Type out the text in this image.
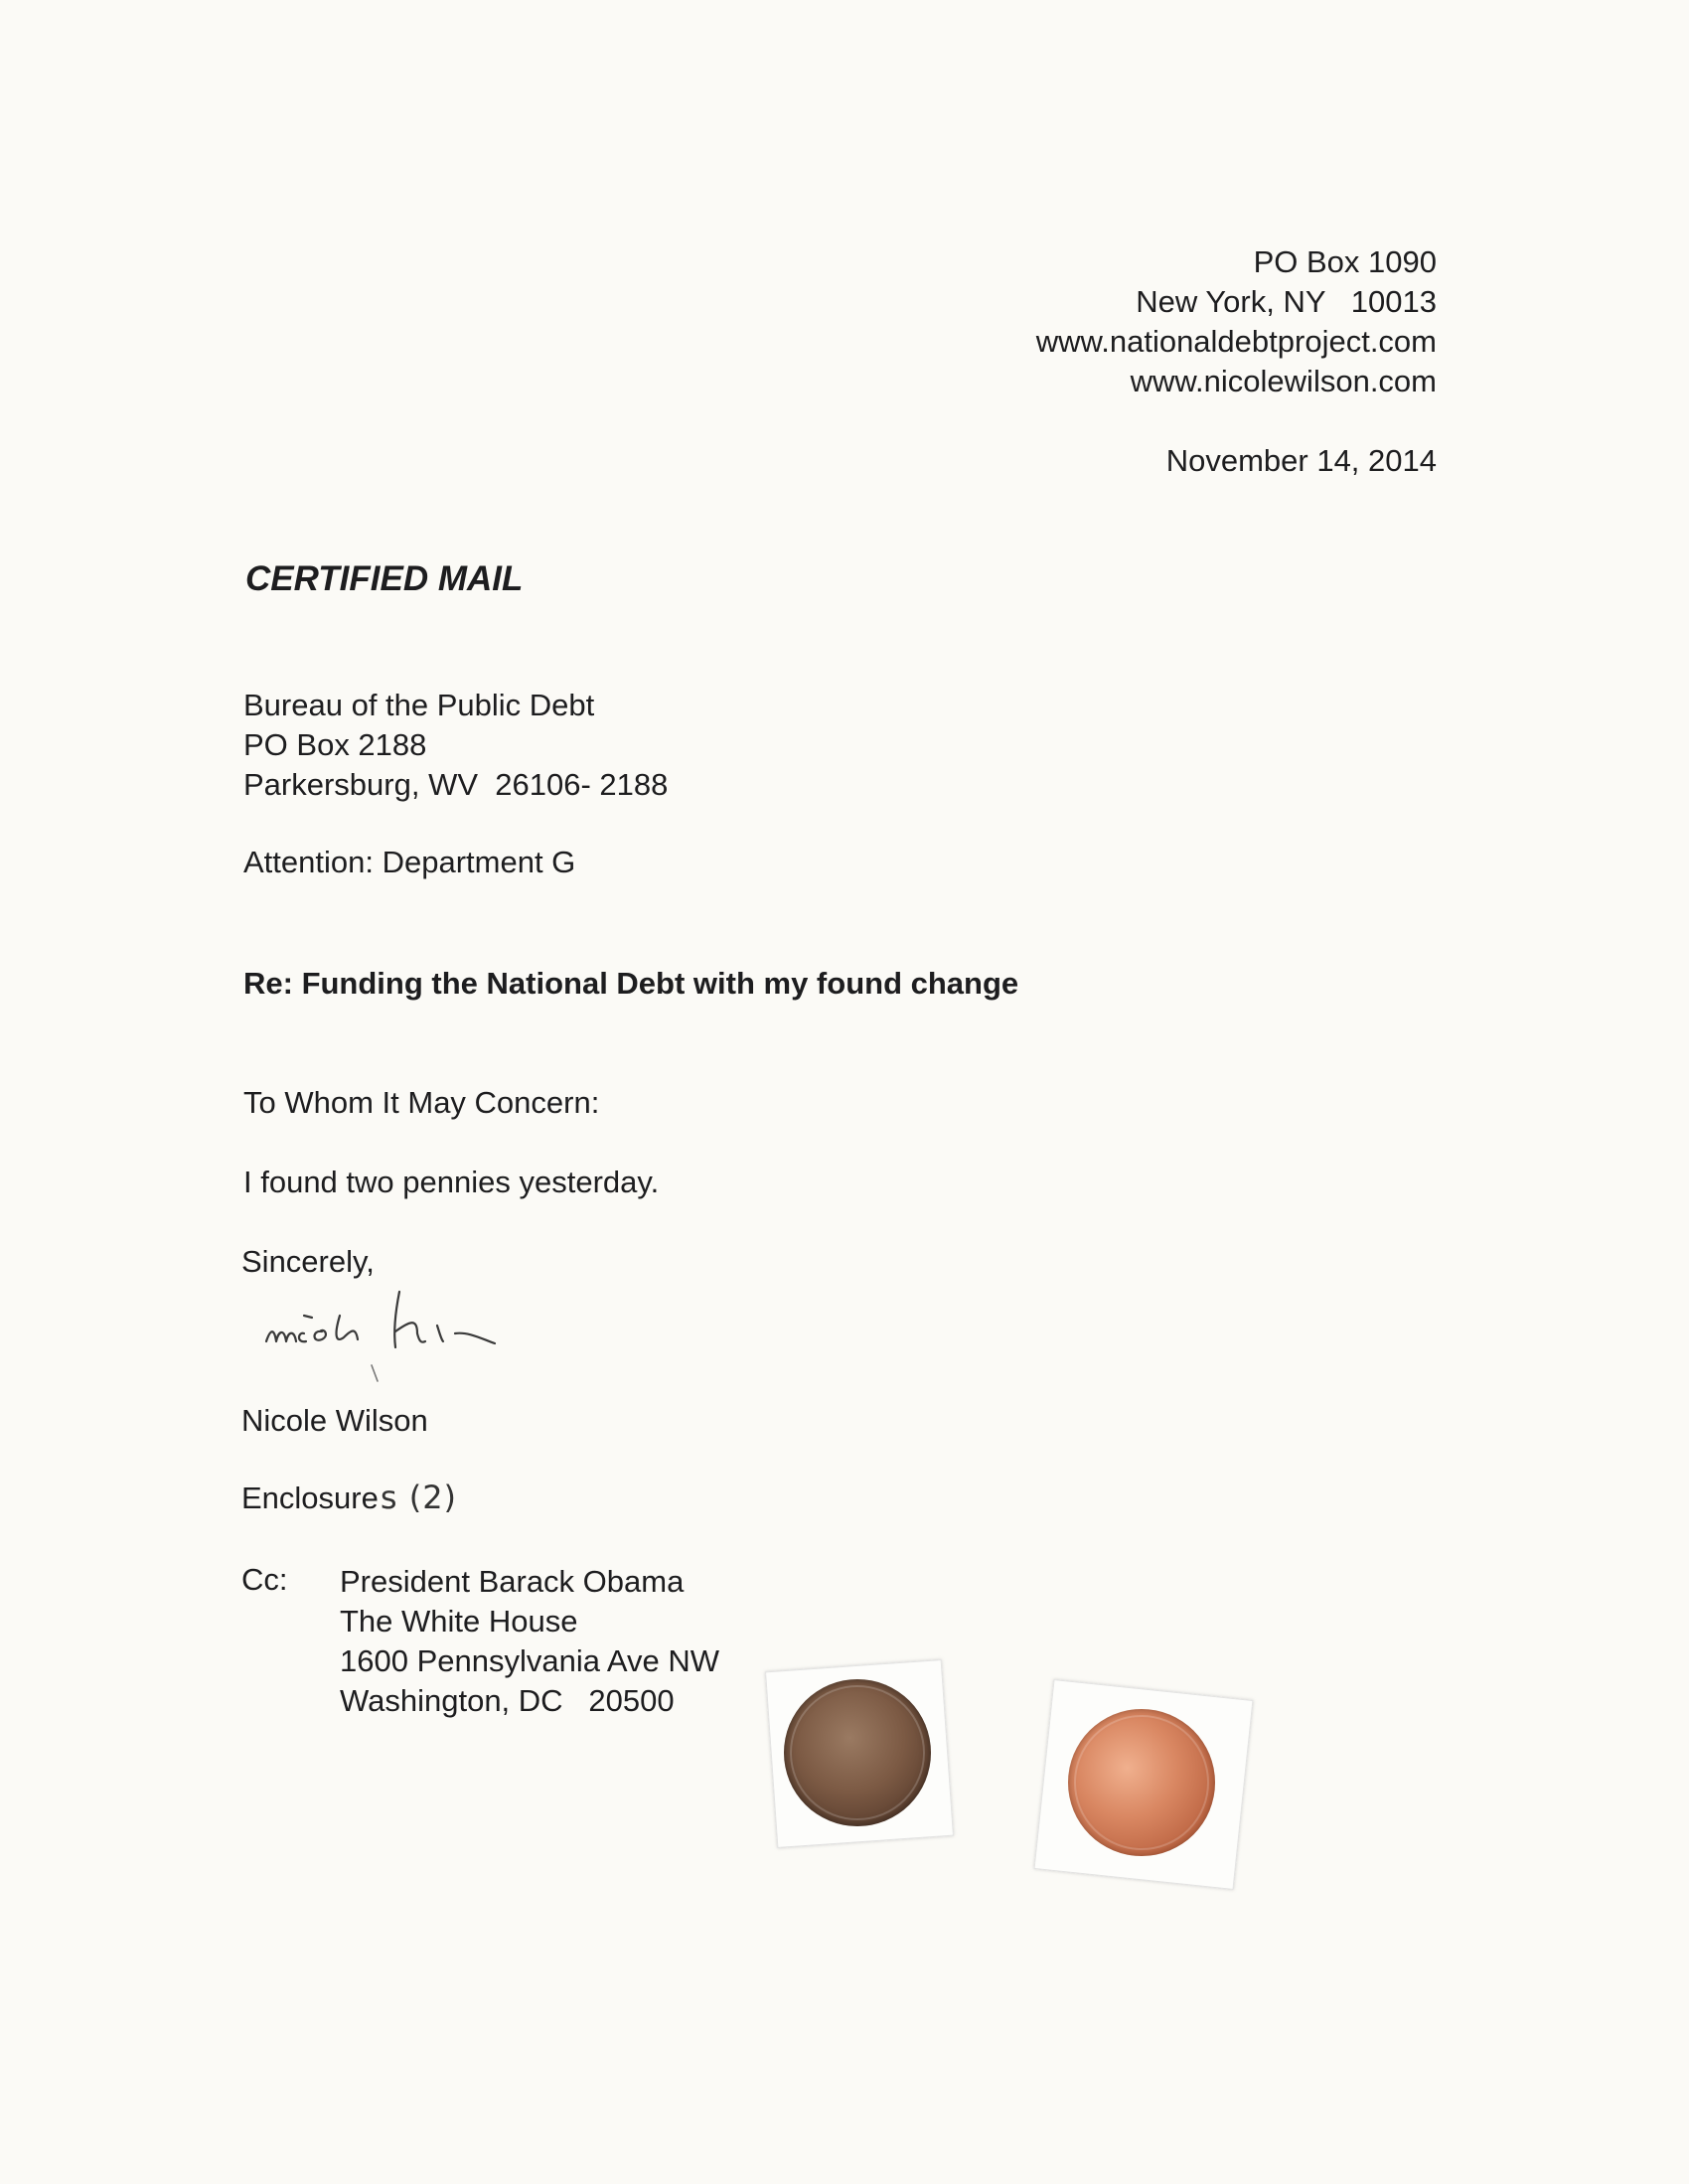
PO Box 1090
New York, NY   10013
www.nationaldebtproject.com
www.nicolewilson.com
November 14, 2014
CERTIFIED MAIL
Bureau of the Public Debt
PO Box 2188
Parkersburg, WV  26106- 2188
Attention: Department G
Re: Funding the National Debt with my found change
To Whom It May Concern:
I found two pennies yesterday.
Sincerely,
Nicole Wilson
Enclosures (2)
Cc: President Barack Obama
The White House
1600 Pennsylvania Ave NW
Washington, DC   20500
